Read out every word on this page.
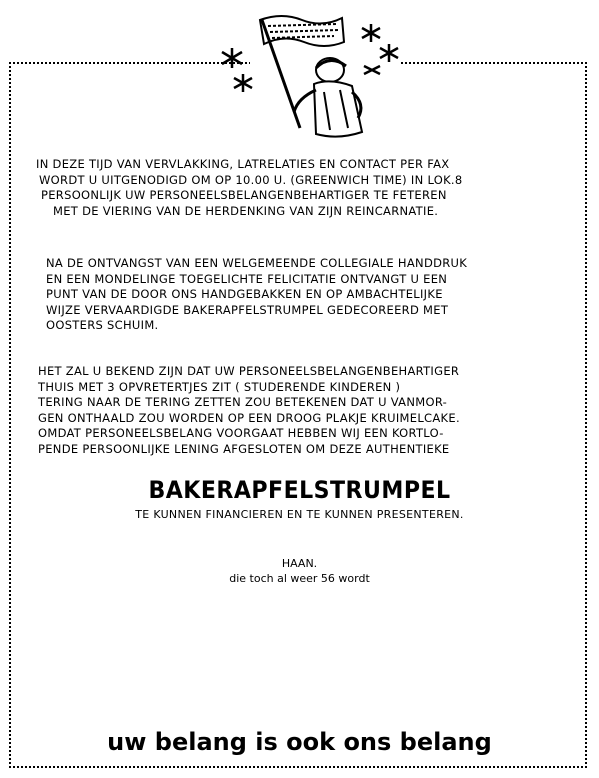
IN DEZE TIJD VAN VERVLAKKING, LATRELATIES EN CONTACT PER FAX
WORDT U UITGENODIGD OM OP 10.00 U. (GREENWICH TIME) IN LOK.8
PERSOONLIJK UW PERSONEELSBELANGENBEHARTIGER TE FETEREN
MET DE VIERING VAN DE HERDENKING VAN ZIJN REINCARNATIE.
NA DE ONTVANGST VAN EEN WELGEMEENDE COLLEGIALE HANDDRUK
EN EEN MONDELINGE TOEGELICHTE FELICITATIE ONTVANGT U EEN
PUNT VAN DE DOOR ONS HANDGEBAKKEN EN OP AMBACHTELIJKE
WIJZE VERVAARDIGDE BAKERAPFELSTRUMPEL GEDECOREERD MET
OOSTERS SCHUIM.
HET ZAL U BEKEND ZIJN DAT UW PERSONEELSBELANGENBEHARTIGER
THUIS MET 3 OPVRETERTJES ZIT ( STUDERENDE KINDEREN )
TERING NAAR DE TERING ZETTEN ZOU BETEKENEN DAT U VANMOR-
GEN ONTHAALD ZOU WORDEN OP EEN DROOG PLAKJE KRUIMELCAKE.
OMDAT PERSONEELSBELANG VOORGAAT HEBBEN WIJ EEN KORTLO-
PENDE PERSOONLIJKE LENING AFGESLOTEN OM DEZE AUTHENTIEKE
BAKERAPFELSTRUMPEL
TE KUNNEN FINANCIEREN EN TE KUNNEN PRESENTEREN.
HAAN.
die toch al weer 56 wordt
uw belang is ook ons belang
